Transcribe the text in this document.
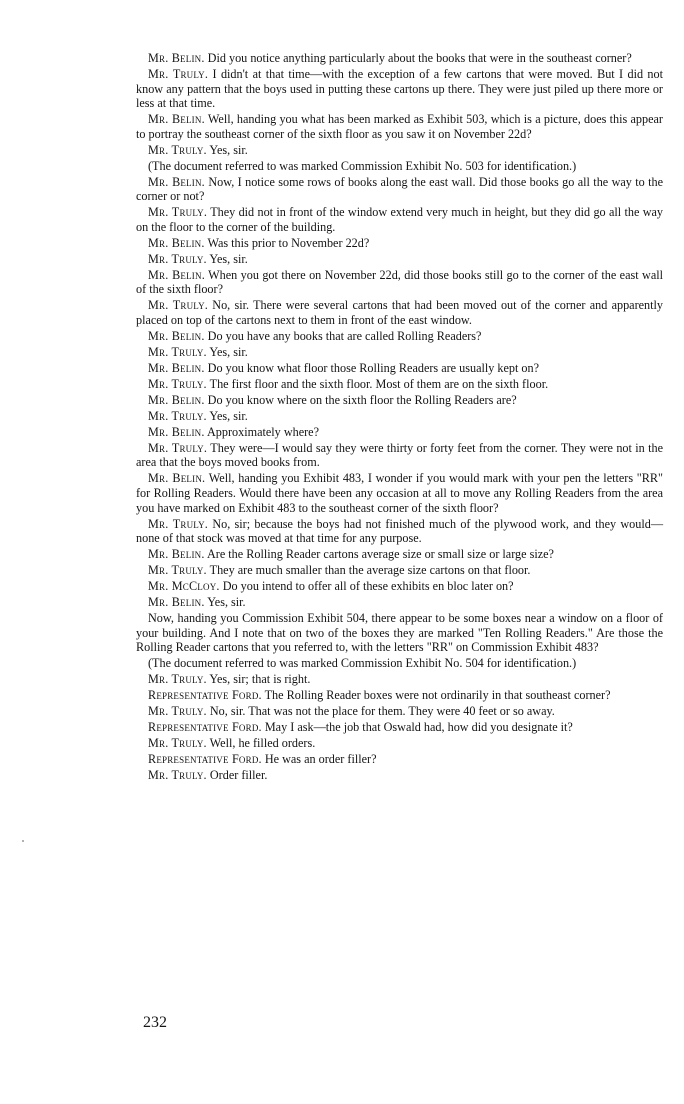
Mr. Belin. Did you notice anything particularly about the books that were in the southeast corner?

Mr. Truly. I didn't at that time—with the exception of a few cartons that were moved. But I did not know any pattern that the boys used in putting these cartons up there. They were just piled up there more or less at that time.

Mr. Belin. Well, handing you what has been marked as Exhibit 503, which is a picture, does this appear to portray the southeast corner of the sixth floor as you saw it on November 22d?

Mr. Truly. Yes, sir.

(The document referred to was marked Commission Exhibit No. 503 for identification.)

Mr. Belin. Now, I notice some rows of books along the east wall. Did those books go all the way to the corner or not?

Mr. Truly. They did not in front of the window extend very much in height, but they did go all the way on the floor to the corner of the building.

Mr. Belin. Was this prior to November 22d?

Mr. Truly. Yes, sir.

Mr. Belin. When you got there on November 22d, did those books still go to the corner of the east wall of the sixth floor?

Mr. Truly. No, sir. There were several cartons that had been moved out of the corner and apparently placed on top of the cartons next to them in front of the east window.

Mr. Belin. Do you have any books that are called Rolling Readers?

Mr. Truly. Yes, sir.

Mr. Belin. Do you know what floor those Rolling Readers are usually kept on?

Mr. Truly. The first floor and the sixth floor. Most of them are on the sixth floor.

Mr. Belin. Do you know where on the sixth floor the Rolling Readers are?

Mr. Truly. Yes, sir.

Mr. Belin. Approximately where?

Mr. Truly. They were—I would say they were thirty or forty feet from the corner. They were not in the area that the boys moved books from.

Mr. Belin. Well, handing you Exhibit 483, I wonder if you would mark with your pen the letters "RR" for Rolling Readers. Would there have been any occasion at all to move any Rolling Readers from the area you have marked on Exhibit 483 to the southeast corner of the sixth floor?

Mr. Truly. No, sir; because the boys had not finished much of the plywood work, and they would—none of that stock was moved at that time for any purpose.

Mr. Belin. Are the Rolling Reader cartons average size or small size or large size?

Mr. Truly. They are much smaller than the average size cartons on that floor.

Mr. McCloy. Do you intend to offer all of these exhibits en bloc later on?

Mr. Belin. Yes, sir.

Now, handing you Commission Exhibit 504, there appear to be some boxes near a window on a floor of your building. And I note that on two of the boxes they are marked "Ten Rolling Readers." Are those the Rolling Reader cartons that you referred to, with the letters "RR" on Commission Exhibit 483?

(The document referred to was marked Commission Exhibit No. 504 for identification.)

Mr. Truly. Yes, sir; that is right.

Representative Ford. The Rolling Reader boxes were not ordinarily in that southeast corner?

Mr. Truly. No, sir. That was not the place for them. They were 40 feet or so away.

Representative Ford. May I ask—the job that Oswald had, how did you designate it?

Mr. Truly. Well, he filled orders.

Representative Ford. He was an order filler?

Mr. Truly. Order filler.

232
